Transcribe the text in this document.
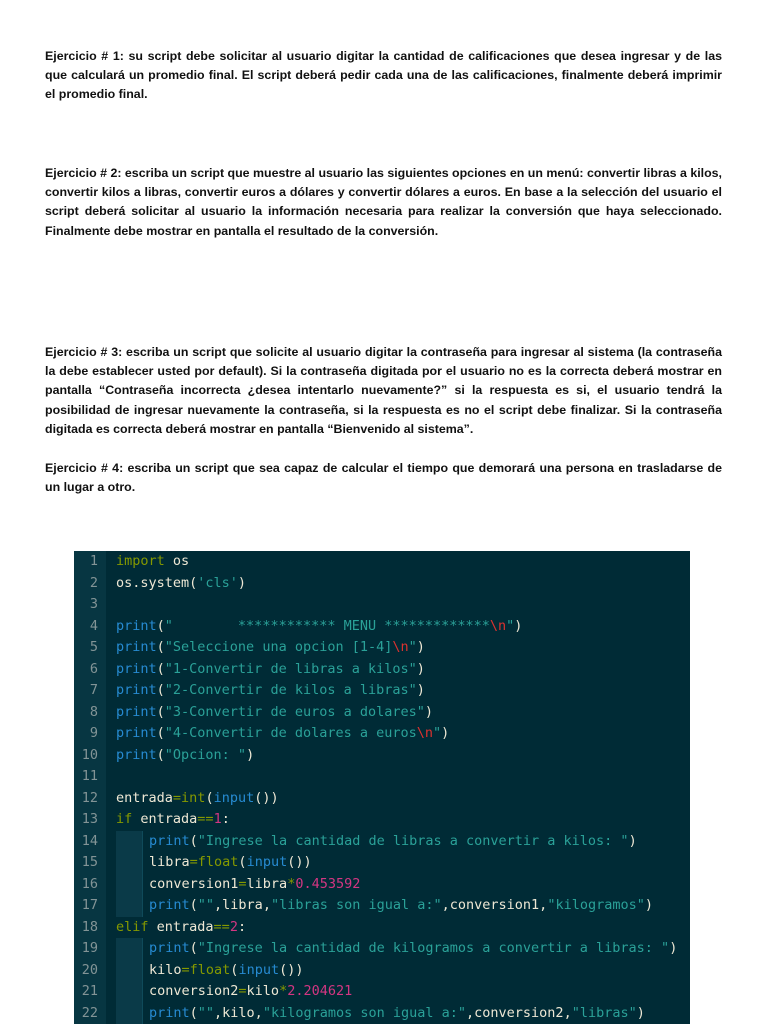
Ejercicio # 1: su script debe solicitar al usuario digitar la cantidad de calificaciones que desea ingresar y de las que calculará un promedio final. El script deberá pedir cada una de las calificaciones, finalmente deberá imprimir el promedio final.

Ejercicio # 2: escriba un script que muestre al usuario las siguientes opciones en un menú: convertir libras a kilos, convertir kilos a libras, convertir euros a dólares y convertir dólares a euros. En base a la selección del usuario el script deberá solicitar al usuario la información necesaria para realizar la conversión que haya seleccionado. Finalmente debe mostrar en pantalla el resultado de la conversión.

Ejercicio # 3: escriba un script que solicite al usuario digitar la contraseña para ingresar al sistema (la contraseña la debe establecer usted por default). Si la contraseña digitada por el usuario no es la correcta deberá mostrar en pantalla “Contraseña incorrecta ¿desea intentarlo nuevamente?” si la respuesta es si, el usuario tendrá la posibilidad de ingresar nuevamente la contraseña, si la respuesta es no el script debe finalizar. Si la contraseña digitada es correcta deberá mostrar en pantalla “Bienvenido al sistema”.

Ejercicio # 4: escriba un script que sea capaz de calcular el tiempo que demorará una persona en trasladarse de un lugar a otro.

1 import os
2 os.system('cls')
3
4 print("        ************ MENU *************\n")
5 print("Seleccione una opcion [1-4]\n")
6 print("1-Convertir de libras a kilos")
7 print("2-Convertir de kilos a libras")
8 print("3-Convertir de euros a dolares")
9 print("4-Convertir de dolares a euros\n")
10 print("Opcion: ")
11
12 entrada=int(input())
13 if entrada==1:
14	print("Ingrese la cantidad de libras a convertir a kilos: ")
15	libra=float(input())
16	conversion1=libra*0.453592
17	print("",libra,"libras son igual a:",conversion1,"kilogramos")
18 elif entrada==2:
19	print("Ingrese la cantidad de kilogramos a convertir a libras: ")
20	kilo=float(input())
21	conversion2=kilo*2.204621
22	print("",kilo,"kilogramos son igual a:",conversion2,"libras")
